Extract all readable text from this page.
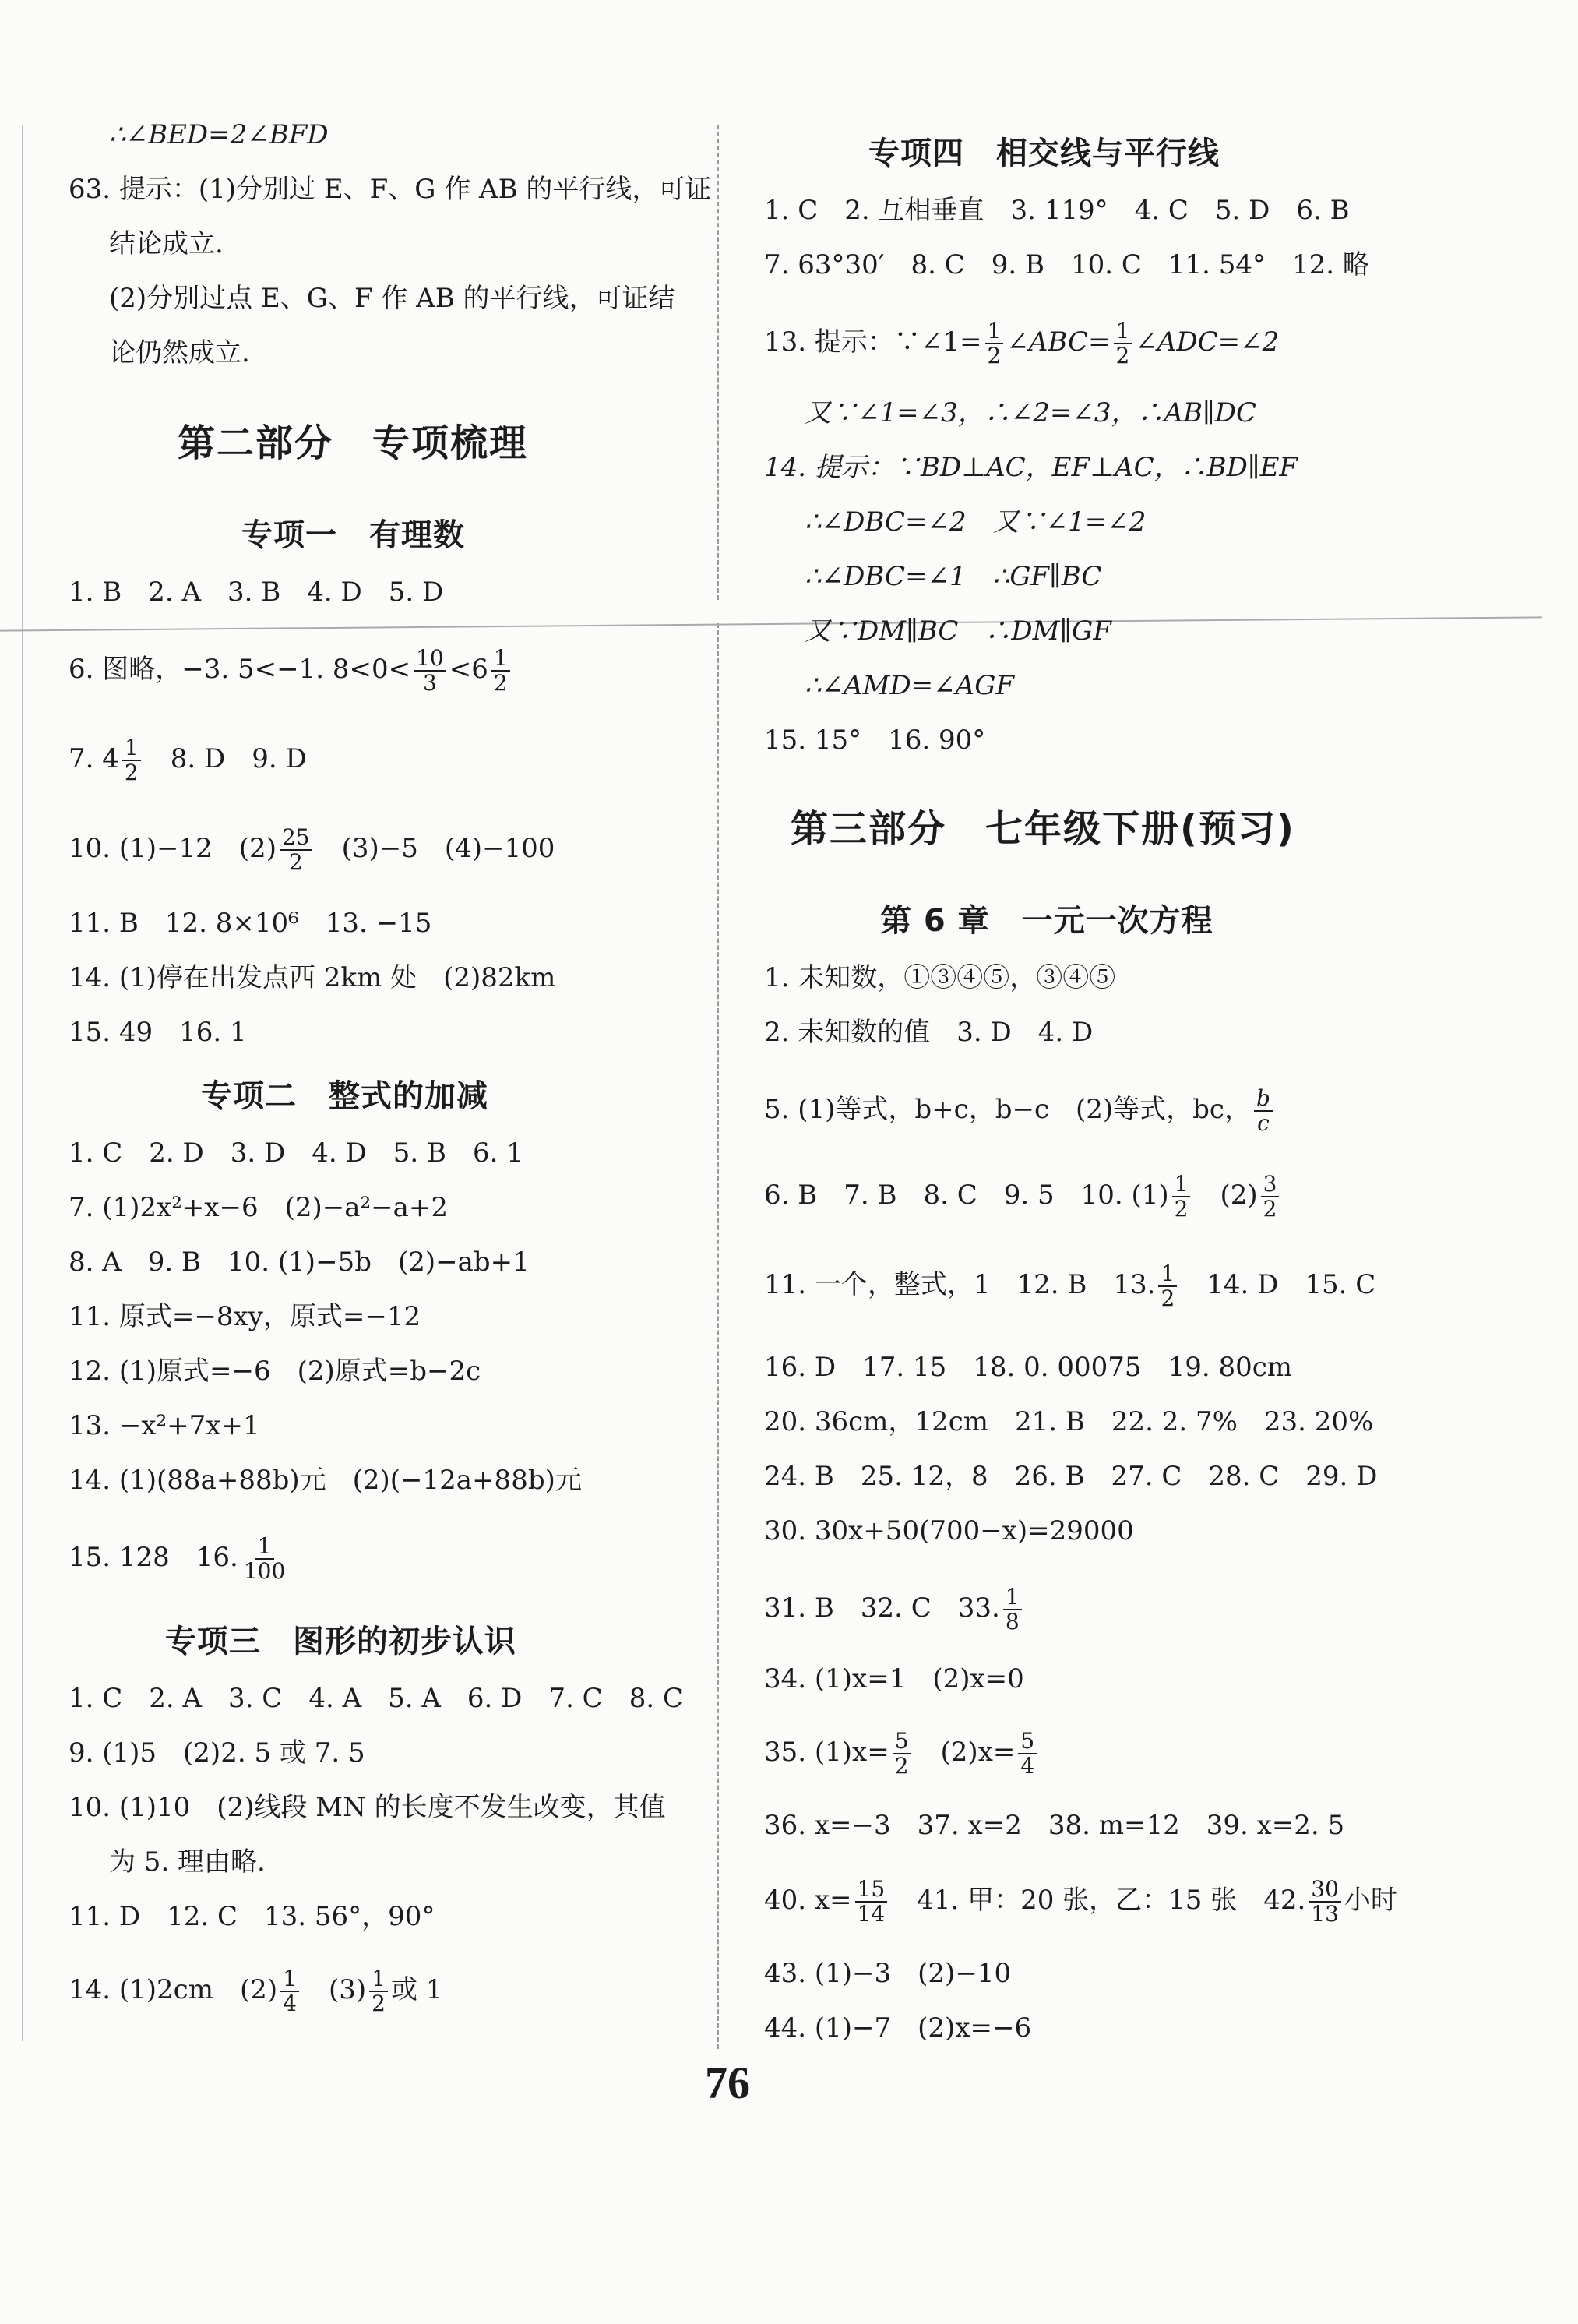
∴∠BED=2∠BFD
63. 提示：(1)分别过 E、F、G 作 AB 的平行线，可证
结论成立.
(2)分别过点 E、G、F 作 AB 的平行线，可证结
论仍然成立.
第二部分　专项梳理
专项一　有理数
1. B　2. A　3. B　4. D　5. D
6. 图略，−3. 5<−1. $8<0< \frac{10}{3} <6 \frac{1}{2}$
7. $4 \frac{1}{2}$
　 8. D　9. D
10. (1)−12　$(2) \frac{25}{2}$
　 (3)−5　(4)−100
11. B　12. 8×10⁶　13. −15
14. (1)停在出发点西 2km 处　(2)82km
15. 49　16. 1
专项二　整式的加减
1. C　2. D　3. D　4. D　5. B　6. 1
7. (1)2x²+x−6　(2)−a²−a+2
8. A　9. B　10. (1)−5b　(2)−ab+1
11. 原式=−8xy，原式=−12
12. (1)原式=−6　(2)原式=b−2c
13. −x²+7x+1
14. (1)(88a+88b)元　(2)(−12a+88b)元
15. 128　16. $\frac{1}{100}$
专项三　图形的初步认识
1. C　2. A　3. C　4. A　5. A　6. D　7. C　8. C
9. (1)5　(2)2. 5 或 7. 5
10. (1)10　(2)线段 MN 的长度不发生改变，其值
为 5. 理由略.
11. D　12. C　13. 56°，90°
14. (1)2cm　$(2) \frac{1}{4}$
　 $(3) \frac{1}{2}$ 或 1
专项四　相交线与平行线
1. C　2. 互相垂直　3. 119°　4. C　5. D　6. B
7. 63°30′　8. C　9. B　10. C　11. 54°　12. 略
13. 提示：∵∠1= $\frac{1}{2}$ ∠ABC= $\frac{1}{2}$ ∠ADC=∠2
又∵∠1=∠3，∴∠2=∠3，∴AB∥DC
14. 提示：∵BD⊥AC，EF⊥AC，∴BD∥EF
∴∠DBC=∠2　又∵∠1=∠2
∴∠DBC=∠1　∴GF∥BC
又∵DM∥BC　∴DM∥GF
∴∠AMD=∠AGF
15. 15°　16. 90°
第三部分　七年级下册(预习)
第 6 章　一元一次方程
1. 未知数，①③④⑤，③④⑤
2. 未知数的值　3. D　4. D
5. (1)等式，b+c，b−c　(2)等式，bc， $\frac{b}{c}$
6. B　7. B　8. C　9. 5　10. $(1) \frac{1}{2}$
　 $(2) \frac{3}{2}$
11. 一个，整式，1　12. B　13. $\frac{1}{2}$
　 14. D　15. C
16. D　17. 15　18. 0. 00075　19. 80cm
20. 36cm，12cm　21. B　22. 2. 7%　23. 20%
24. B　25. 12，8　26. B　27. C　28. C　29. D
30. 30x+50(700−x)=29000
31. B　32. C　33. $\frac{1}{8}$
34. (1)x=1　(2)x=0
35. $(1)x= \frac{5}{2}$
　 $(2)x= \frac{5}{4}$
36. x=−3　37. x=2　38. m=12　39. x=2. 5
40. $x= \frac{15}{14}$
　 41. 甲：20 张，乙：15 张　42. $\frac{30}{13}$ 小时
43. (1)−3　(2)−10
44. (1)−7　(2)x=−6
76
